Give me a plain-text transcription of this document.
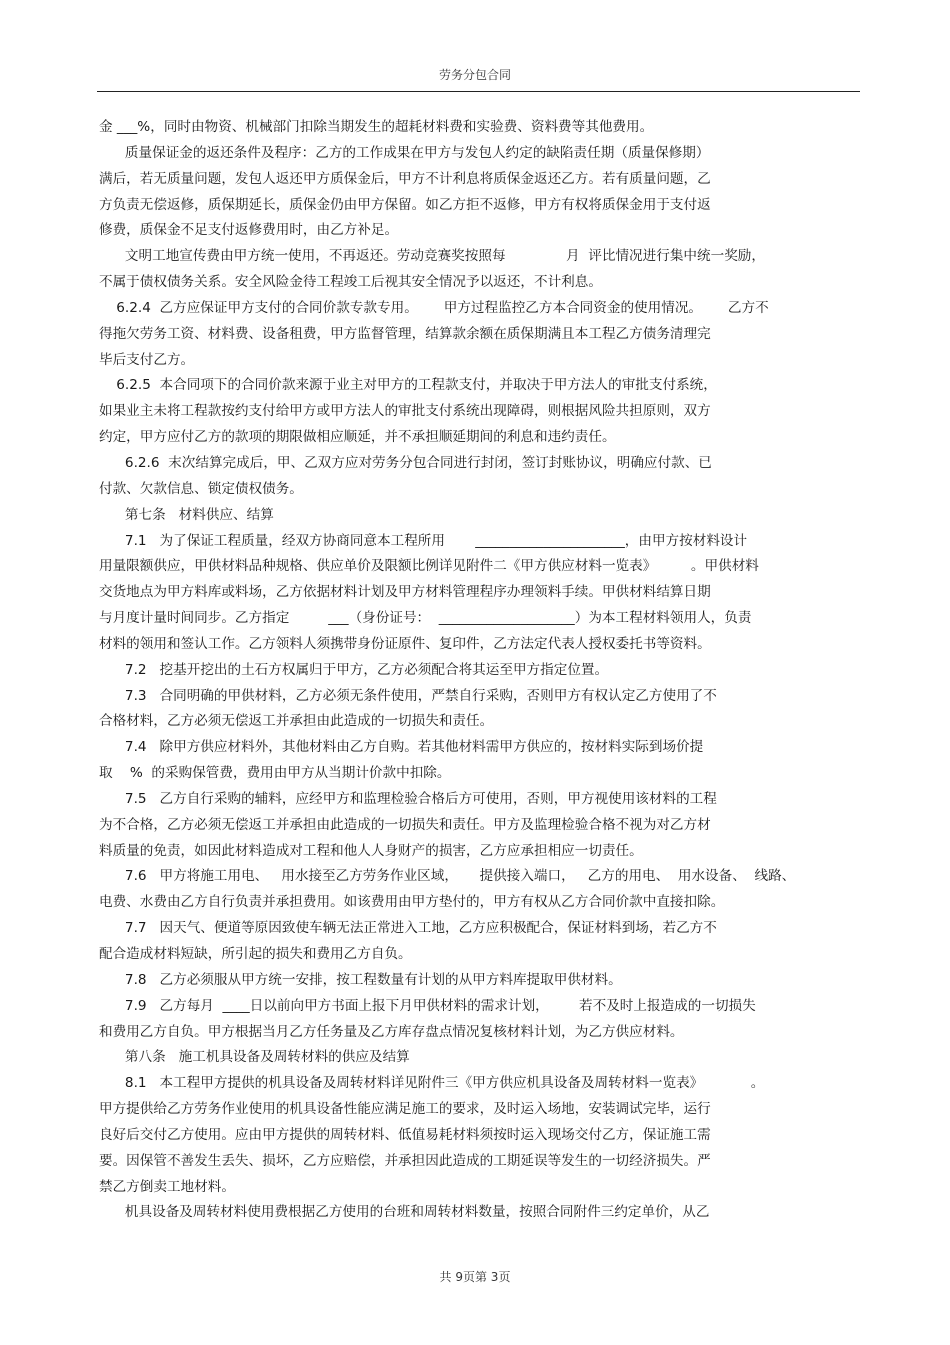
劳务分包合同
金 ___%，同时由物资、机械部门扣除当期发生的超耗材料费和实验费、资料费等其他费用。
质量保证金的返还条件及程序：乙方的工作成果在甲方与发包人约定的缺陷责任期（质量保修期）
满后，若无质量问题，发包人返还甲方质保金后，甲方不计利息将质保金返还乙方。若有质量问题，乙
方负责无偿返修，质保期延长，质保金仍由甲方保留。如乙方拒不返修，甲方有权将质保金用于支付返
修费，质保金不足支付返修费用时，由乙方补足。
文明工地宣传费由甲方统一使用，不再返还。劳动竞赛奖按照每              月  评比情况进行集中统一奖励，
不属于债权债务关系。安全风险金待工程竣工后视其安全情况予以返还，不计利息。
6.2.4  乙方应保证甲方支付的合同价款专款专用。      甲方过程监控乙方本合同资金的使用情况。      乙方不
得拖欠劳务工资、材料费、设备租费，甲方监督管理，结算款余额在质保期满且本工程乙方债务清理完
毕后支付乙方。
6.2.5  本合同项下的合同价款来源于业主对甲方的工程款支付，并取决于甲方法人的审批支付系统，
如果业主未将工程款按约支付给甲方或甲方法人的审批支付系统出现障碍，则根据风险共担原则，双方
约定，甲方应付乙方的款项的期限做相应顺延，并不承担顺延期间的利息和违约责任。
6.2.6  末次结算完成后，甲、乙双方应对劳务分包合同进行封闭，签订封账协议，明确应付款、已
付款、欠款信息、锁定债权债务。
第七条   材料供应、结算
7.1   为了保证工程质量，经双方协商同意本工程所用       ______________________，由甲方按材料设计
用量限额供应，甲供材料品种规格、供应单价及限额比例详见附件二《甲方供应材料一览表》        。甲供材料
交货地点为甲方料库或料场，乙方依据材料计划及甲方材料管理程序办理领料手续。甲供材料结算日期
与月度计量时间同步。乙方指定         ___（身份证号：  ____________________）为本工程材料领用人，负责
材料的领用和签认工作。乙方领料人须携带身份证原件、复印件，乙方法定代表人授权委托书等资料。
7.2   挖基开挖出的土石方权属归于甲方，乙方必须配合将其运至甲方指定位置。
7.3   合同明确的甲供材料，乙方必须无条件使用，严禁自行采购，否则甲方有权认定乙方使用了不
合格材料，乙方必须无偿返工并承担由此造成的一切损失和责任。
7.4   除甲方供应材料外，其他材料由乙方自购。若其他材料需甲方供应的，按材料实际到场价提
取    %  的采购保管费，费用由甲方从当期计价款中扣除。
7.5   乙方自行采购的辅料，应经甲方和监理检验合格后方可使用，否则，甲方视使用该材料的工程
为不合格，乙方必须无偿返工并承担由此造成的一切损失和责任。甲方及监理检验合格不视为对乙方材
料质量的免责，如因此材料造成对工程和他人人身财产的损害，乙方应承担相应一切责任。
7.6   甲方将施工用电、   用水接至乙方劳务作业区域，     提供接入端口，   乙方的用电、  用水设备、  线路、
电费、水费由乙方自行负责并承担费用。如该费用由甲方垫付的，甲方有权从乙方合同价款中直接扣除。
7.7   因天气、便道等原因致使车辆无法正常进入工地，乙方应积极配合，保证材料到场，若乙方不
配合造成材料短缺，所引起的损失和费用乙方自负。
7.8   乙方必须服从甲方统一安排，按工程数量有计划的从甲方料库提取甲供材料。
7.9   乙方每月  ____日以前向甲方书面上报下月甲供材料的需求计划，       若不及时上报造成的一切损失
和费用乙方自负。甲方根据当月乙方任务量及乙方库存盘点情况复核材料计划，为乙方供应材料。
第八条   施工机具设备及周转材料的供应及结算
8.1   本工程甲方提供的机具设备及周转材料详见附件三《甲方供应机具设备及周转材料一览表》           。
甲方提供给乙方劳务作业使用的机具设备性能应满足施工的要求，及时运入场地，安装调试完毕，运行
良好后交付乙方使用。应由甲方提供的周转材料、低值易耗材料须按时运入现场交付乙方，保证施工需
要。因保管不善发生丢失、损坏，乙方应赔偿，并承担因此造成的工期延误等发生的一切经济损失。严
禁乙方倒卖工地材料。
机具设备及周转材料使用费根据乙方使用的台班和周转材料数量，按照合同附件三约定单价，从乙
共 9页第 3页
